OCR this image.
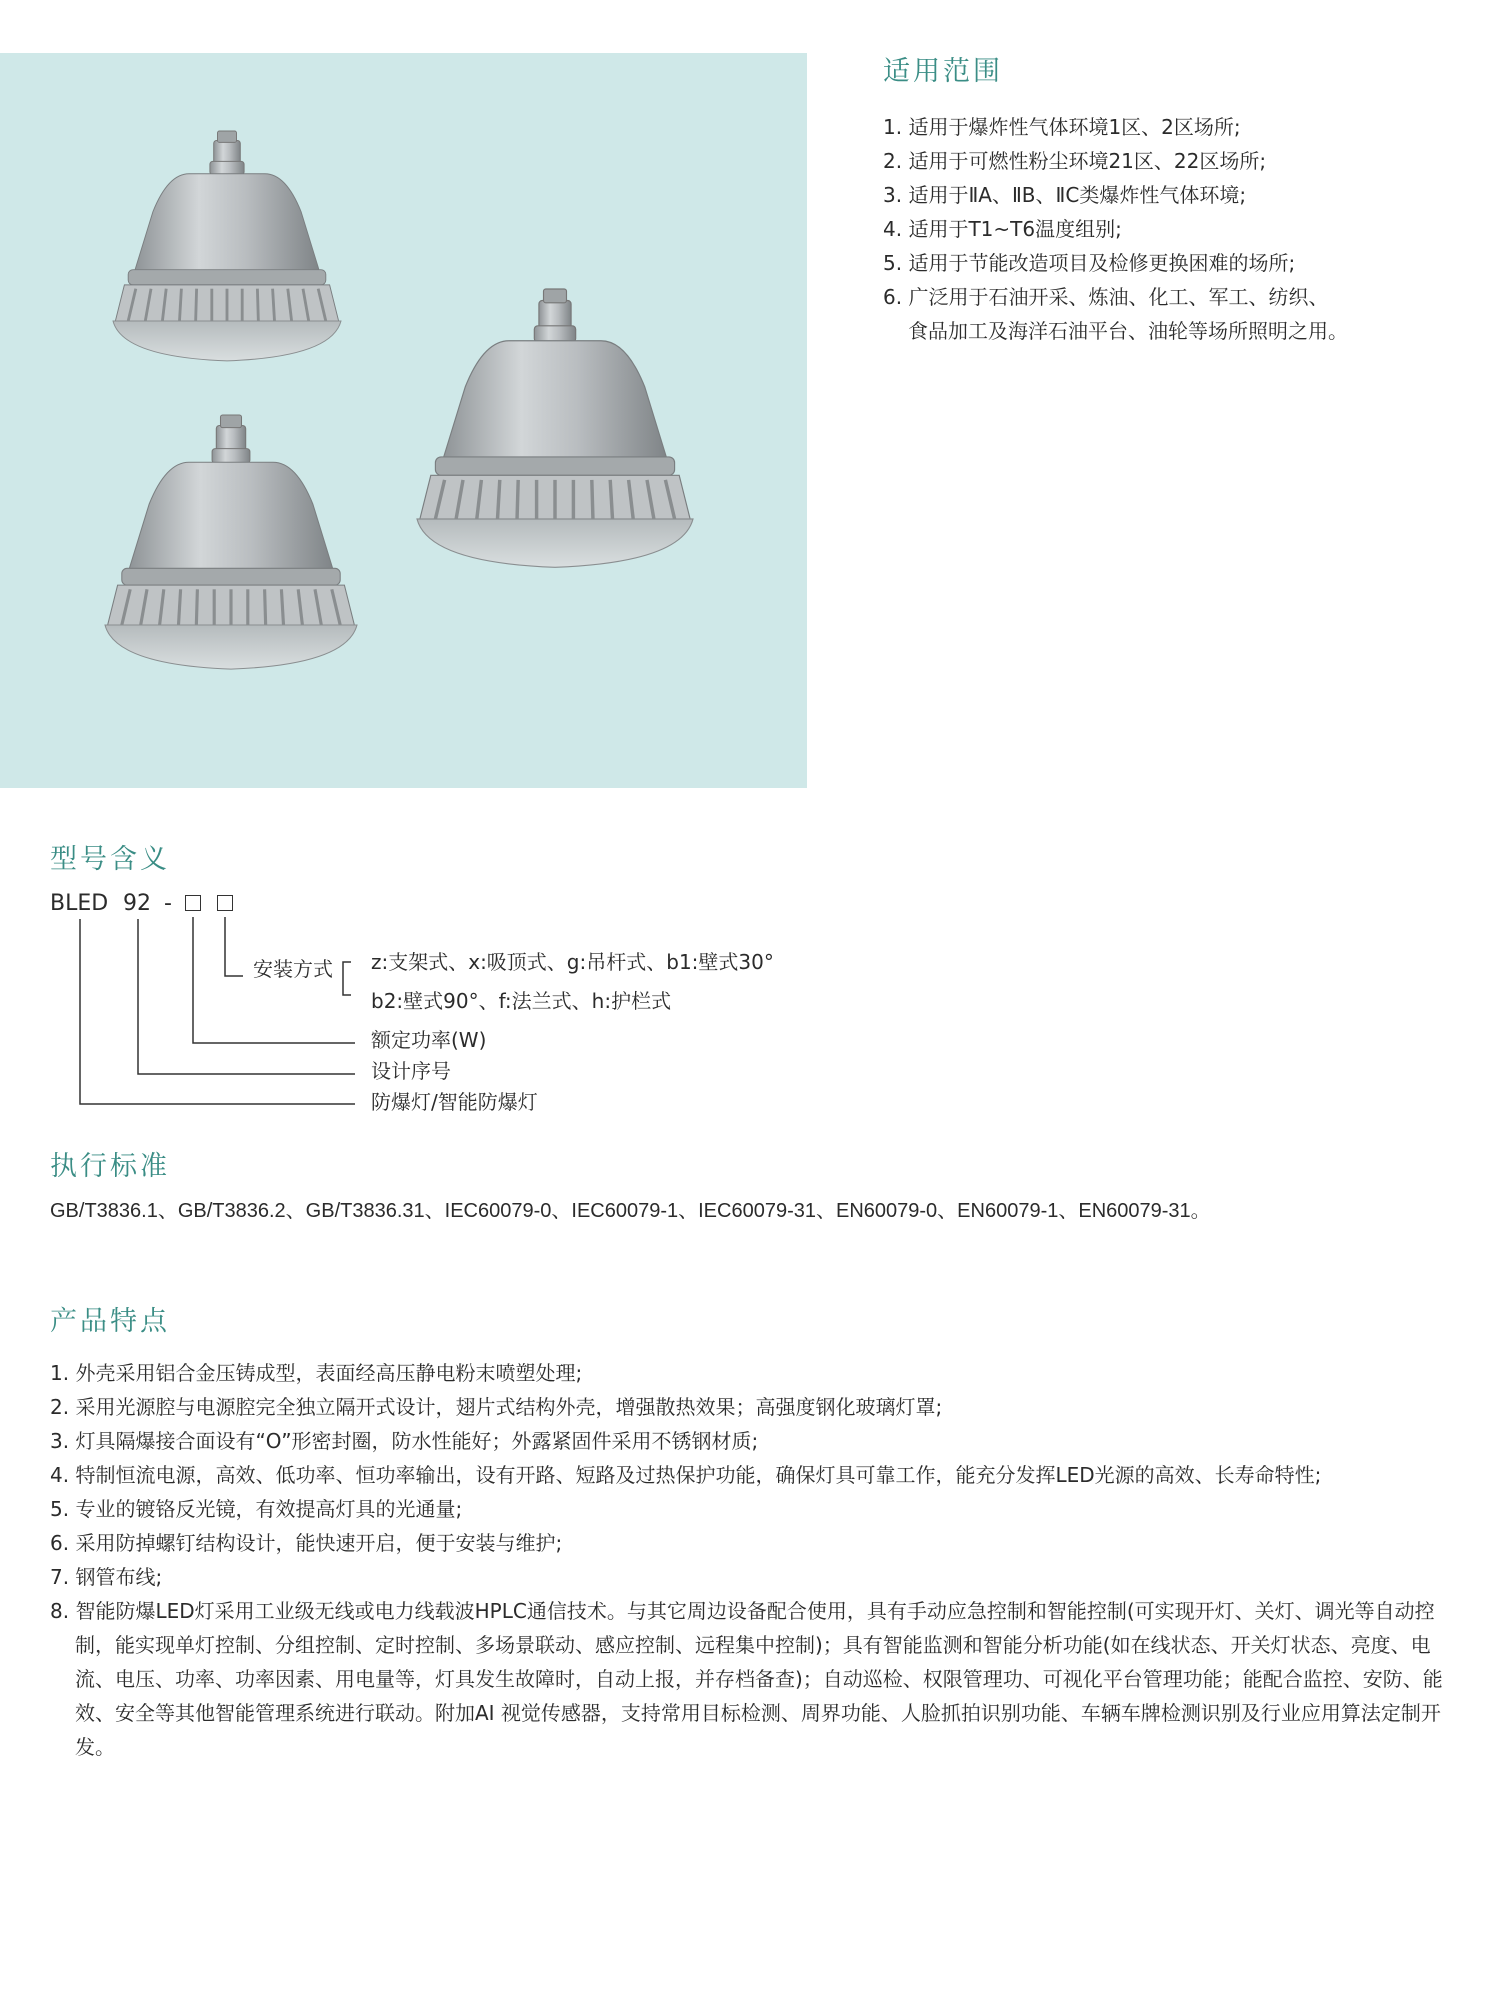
适用范围
1. 适用于爆炸性气体环境1区、2区场所;
2. 适用于可燃性粉尘环境21区、22区场所;
3. 适用于ⅡA、ⅡB、ⅡC类爆炸性气体环境;
4. 适用于T1~T6温度组别;
5. 适用于节能改造项目及检修更换困难的场所;
6. 广泛用于石油开采、炼油、化工、军工、纺织、
食品加工及海洋石油平台、油轮等场所照明之用。
型号含义
BLED 92 -
安装方式 z:支架式、x:吸顶式、g:吊杆式、b1:壁式30°
b2:壁式90°、f:法兰式、h:护栏式
额定功率(W)
设计序号
防爆灯/智能防爆灯
执行标准
GB/T3836.1、GB/T3836.2、GB/T3836.31、IEC60079-0、IEC60079-1、IEC60079-31、EN60079-0、EN60079-1、EN60079-31。
产品特点
1. 外壳采用铝合金压铸成型，表面经高压静电粉末喷塑处理;
2. 采用光源腔与电源腔完全独立隔开式设计，翅片式结构外壳，增强散热效果；高强度钢化玻璃灯罩;
3. 灯具隔爆接合面设有“O”形密封圈，防水性能好；外露紧固件采用不锈钢材质;
4. 特制恒流电源，高效、低功率、恒功率输出，设有开路、短路及过热保护功能，确保灯具可靠工作，能充分发挥LED光源的高效、长寿命特性;
5. 专业的镀铬反光镜，有效提高灯具的光通量;
6. 采用防掉螺钉结构设计，能快速开启，便于安装与维护;
7. 钢管布线;
8. 智能防爆LED灯采用工业级无线或电力线载波HPLC通信技术。与其它周边设备配合使用，具有手动应急控制和智能控制(可实现开灯、关灯、调光等自动控制，能实现单灯控制、分组控制、定时控制、多场景联动、感应控制、远程集中控制)；具有智能监测和智能分析功能(如在线状态、开关灯状态、亮度、电流、电压、功率、功率因素、用电量等，灯具发生故障时，自动上报，并存档备查)；自动巡检、权限管理功、可视化平台管理功能；能配合监控、安防、能效、安全等其他智能管理系统进行联动。附加AI 视觉传感器，支持常用目标检测、周界功能、人脸抓拍识别功能、车辆车牌检测识别及行业应用算法定制开发。
